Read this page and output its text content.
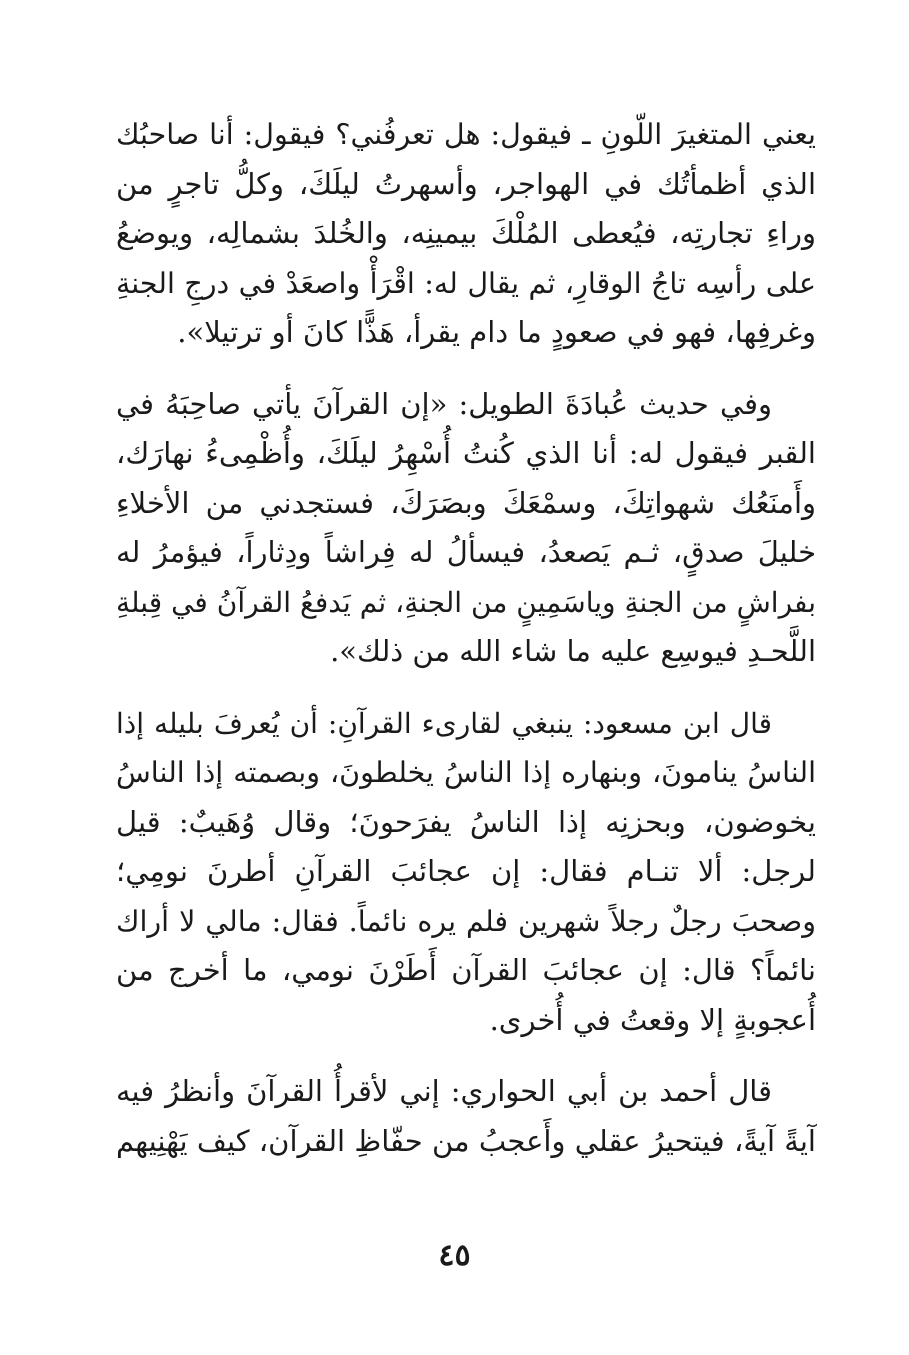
يعني المتغيرَ اللّونِ ـ فيقول: هل تعرفُني؟ فيقول: أنا صاحبُك
الذي أظمأتُك في الهواجر، وأسهرتُ ليلَكَ، وكلُّ تاجرٍ من
وراءِ تجارتِه، فيُعطى المُلْكَ بيمينِه، والخُلدَ بشمالِه، ويوضعُ
على رأسِه تاجُ الوقارِ، ثم يقال له: اقْرَأْ واصعَدْ في درجِ الجنةِ
وغرفِها، فهو في صعودٍ ما دام يقرأ، هَذًّا كانَ أو ترتيلا».

وفي حديث عُبادَةَ الطويل: «إن القرآنَ يأتي صاحِبَهُ في
القبر فيقول له: أنا الذي كُنتُ أُسْهِرُ ليلَكَ، وأُظْمِىءُ نهارَك،
وأَمنَعُك شهواتِكَ، وسمْعَكَ وبصَرَكَ، فستجدني من الأخلاءِ
خليلَ صدقٍ، ثـم يَصعدُ، فيسألُ له فِراشاً ودِثاراً، فيؤمرُ له
بفراشٍ من الجنةِ وياسَمِينٍ من الجنةِ، ثم يَدفعُ القرآنُ في قِبلةِ
اللَّحـدِ فيوسِع عليه ما شاء الله من ذلك».

قال ابن مسعود: ينبغي لقارىء القرآنِ: أن يُعرفَ بليله إذا
الناسُ ينامونَ، وبنهاره إذا الناسُ يخلطونَ، وبصمته إذا الناسُ
يخوضون، وبحزنِه إذا الناسُ يفرَحونَ؛ وقال وُهَيبٌ: قيل
لرجل: ألا تنـام فقال: إن عجائبَ القرآنِ أطرنَ نومِي؛
وصحبَ رجلٌ رجلاً شهرين فلم يره نائماً. فقال: مالي لا أراك
نائماً؟ قال: إن عجائبَ القرآن أَطَرْنَ نومي، ما أخرج من
أُعجوبةٍ إلا وقعتُ في أُخرى.

قال أحمد بن أبي الحواري: إني لأقرأُ القرآنَ وأنظرُ فيه
آيةً آيةً، فيتحيرُ عقلي وأَعجبُ من حفّاظِ القرآن، كيف يَهْنِيهم

٤٥
